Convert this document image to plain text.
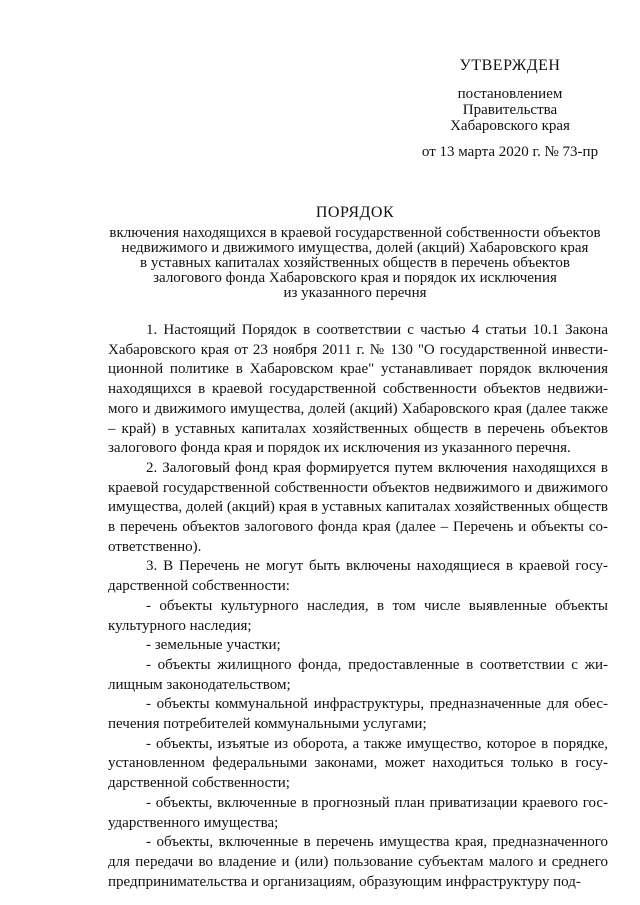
УТВЕРЖДЕН
постановлением
Правительства
Хабаровского края
от 13 марта 2020 г. № 73-пр
ПОРЯДОК
включения находящихся в краевой государственной собственности объектов
недвижимого и движимого имущества, долей (акций) Хабаровского края
в уставных капиталах хозяйственных обществ в перечень объектов
залогового фонда Хабаровского края и порядок их исключения
из указанного перечня

1. Настоящий Порядок в соответствии с частью 4 статьи 10.1 Закона Хабаровского края от 23 ноября 2011 г. № 130 "О государственной инвестиционной политике в Хабаровском крае" устанавливает порядок включения находящихся в краевой государственной собственности объектов недвижимого и движимого имущества, долей (акций) Хабаровского края (далее также – край) в уставных капиталах хозяйственных обществ в перечень объектов залогового фонда края и порядок их исключения из указанного перечня.

2. Залоговый фонд края формируется путем включения находящихся в краевой государственной собственности объектов недвижимого и движимого имущества, долей (акций) края в уставных капиталах хозяйственных обществ в перечень объектов залогового фонда края (далее – Перечень и объекты соответственно).

3. В Перечень не могут быть включены находящиеся в краевой государственной собственности:

- объекты культурного наследия, в том числе выявленные объекты культурного наследия;

- земельные участки;

- объекты жилищного фонда, предоставленные в соответствии с жилищным законодательством;

- объекты коммунальной инфраструктуры, предназначенные для обеспечения потребителей коммунальными услугами;

- объекты, изъятые из оборота, а также имущество, которое в порядке, установленном федеральными законами, может находиться только в государственной собственности;

- объекты, включенные в прогнозный план приватизации краевого государственного имущества;

- объекты, включенные в перечень имущества края, предназначенного для передачи во владение и (или) пользование субъектам малого и среднего предпринимательства и организациям, образующим инфраструктуру под-
